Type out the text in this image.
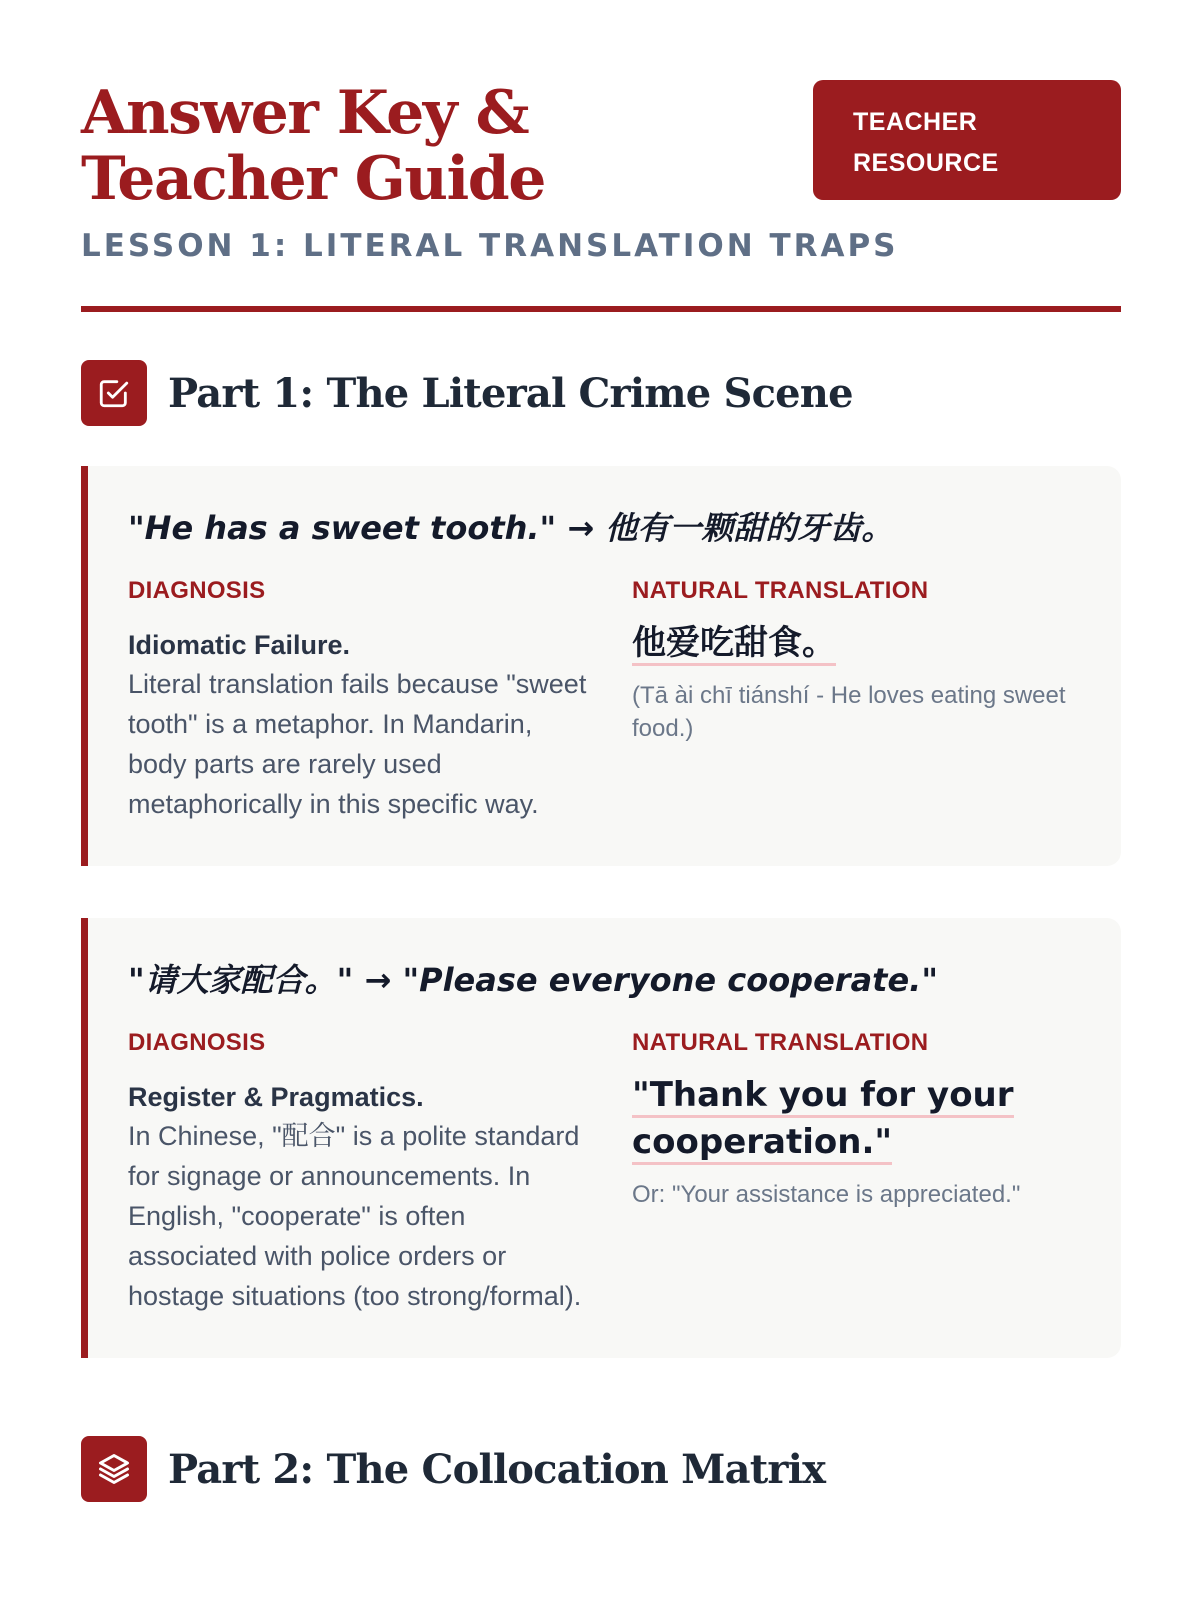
Answer Key & Teacher Guide
LESSON 1: LITERAL TRANSLATION TRAPS
TEACHER
RESOURCE
Part 1: The Literal Crime Scene
"He has a sweet tooth." → 他有一颗甜的牙齿。
DIAGNOSIS
Idiomatic Failure.
Literal translation fails because "sweet tooth" is a metaphor. In Mandarin, body parts are rarely used metaphorically in this specific way.
NATURAL TRANSLATION
他爱吃甜食。
(Tā ài chī tiánshí - He loves eating sweet food.)
"请大家配合。" → "Please everyone cooperate."
DIAGNOSIS
Register & Pragmatics.
In Chinese, "配合" is a polite standard for signage or announcements. In English, "cooperate" is often associated with police orders or hostage situations (too strong/formal).
NATURAL TRANSLATION
"Thank you for your cooperation."
Or: "Your assistance is appreciated."
Part 2: The Collocation Matrix
